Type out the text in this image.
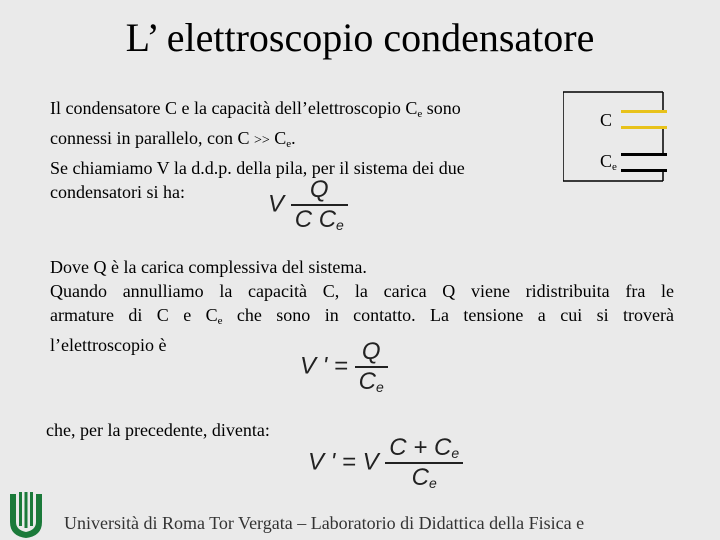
L’ elettroscopio condensatore
Il condensatore C e la capacità dell’elettroscopio $C_e$ sono
connessi in parallelo, con $C >> C_e$.
Se chiamiamo V la d.d.p. della pila, per il sistema dei due
condensatori si ha:
C
$C_e$
V $\frac{Q}{C C_e}$
Dove Q è la carica complessiva del sistema.
Quando annulliamo la capacità C, la carica Q viene ridistribuita fra le
armature di C e $C_e$ che sono in contatto. La tensione a cui si troverà
l’elettroscopio è
V ' = $\frac{Q}{C_e}$
che, per la precedente, diventa:
V ' = V $\frac{C + C_e}{C_e}$
Università di Roma Tor Vergata – Laboratorio di Didattica della Fisica e
